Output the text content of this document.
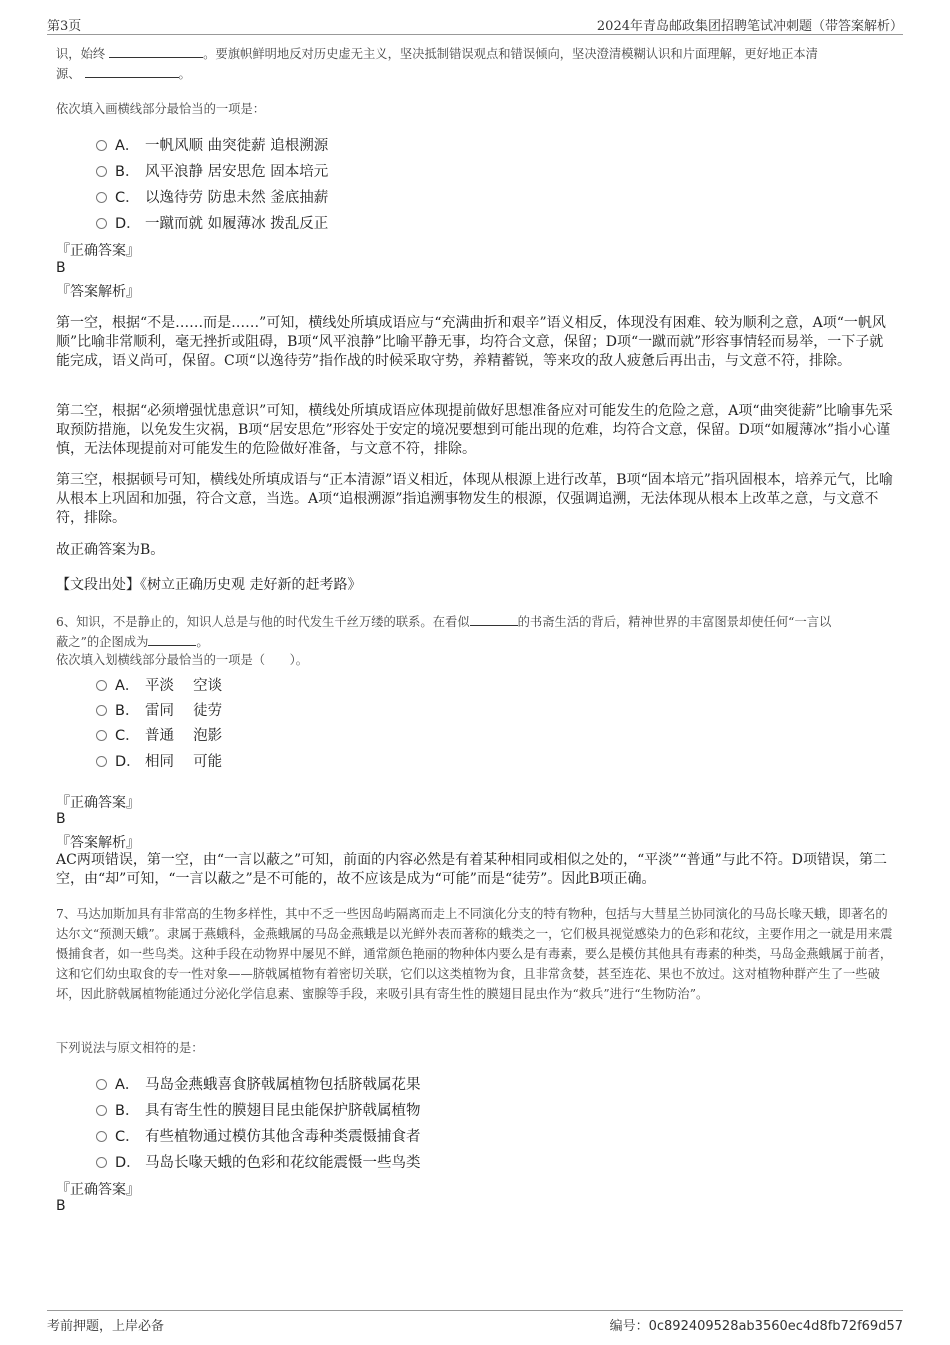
第3页	2024年青岛邮政集团招聘笔试冲刺题（带答案解析）
识，始终	。要旗帜鲜明地反对历史虚无主义，坚决抵制错误观点和错误倾向，坚决澄清模糊认识和片面理解，更好地正本清
源、	。
依次填入画横线部分最恰当的一项是：
A． 一帆风顺 曲突徙薪 追根溯源
B． 风平浪静 居安思危 固本培元
C． 以逸待劳 防患未然 釜底抽薪
D． 一蹴而就 如履薄冰 拨乱反正
『正确答案』
B
『答案解析』
第一空，根据“不是……而是……”可知，横线处所填成语应与“充满曲折和艰辛”语义相反，体现没有困难、较为顺利之意，A项“一帆风顺”比喻非常顺利，毫无挫折或阻碍，B项“风平浪静”比喻平静无事，均符合文意，保留；D项“一蹴而就”形容事情轻而易举，一下子就能完成，语义尚可，保留。C项“以逸待劳”指作战的时候采取守势，养精蓄锐，等来攻的敌人疲惫后再出击，与文意不符，排除。
第二空，根据“必须增强忧患意识”可知，横线处所填成语应体现提前做好思想准备应对可能发生的危险之意，A项“曲突徙薪”比喻事先采取预防措施，以免发生灾祸，B项“居安思危”形容处于安定的境况要想到可能出现的危难，均符合文意，保留。D项“如履薄冰”指小心谨慎，无法体现提前对可能发生的危险做好准备，与文意不符，排除。
第三空，根据顿号可知，横线处所填成语与“正本清源”语义相近，体现从根源上进行改革，B项“固本培元”指巩固根本，培养元气，比喻从根本上巩固和加强，符合文意，当选。A项“追根溯源”指追溯事物发生的根源，仅强调追溯，无法体现从根本上改革之意，与文意不符，排除。
故正确答案为B。
【文段出处】《树立正确历史观 走好新的赶考路》
6、知识，不是静止的，知识人总是与他的时代发生千丝万缕的联系。在看似	的书斋生活的背后，精神世界的丰富图景却使任何“一言以
蔽之”的企图成为	。
依次填入划横线部分最恰当的一项是（　　）。
A． 平淡　 空谈
B． 雷同　 徒劳
C． 普通　 泡影
D． 相同　 可能
『正确答案』
B
『答案解析』
AC两项错误，第一空，由“一言以蔽之”可知，前面的内容必然是有着某种相同或相似之处的，“平淡”“普通”与此不符。D项错误，第二空，由“却”可知，“一言以蔽之”是不可能的，故不应该是成为“可能”而是“徒劳”。因此B项正确。
7、马达加斯加具有非常高的生物多样性，其中不乏一些因岛屿隔离而走上不同演化分支的特有物种，包括与大彗星兰协同演化的马岛长喙天蛾，即著名的达尔文“预测天蛾”。隶属于燕蛾科，金燕蛾属的马岛金燕蛾是以光鲜外表而著称的蛾类之一，它们极具视觉感染力的色彩和花纹，主要作用之一就是用来震慑捕食者，如一些鸟类。这种手段在动物界中屡见不鲜，通常颜色艳丽的物种体内要么是有毒素，要么是模仿其他具有毒素的种类，马岛金燕蛾属于前者，这和它们幼虫取食的专一性对象——脐戟属植物有着密切关联，它们以这类植物为食，且非常贪婪，甚至连花、果也不放过。这对植物种群产生了一些破坏，因此脐戟属植物能通过分泌化学信息素、蜜腺等手段，来吸引具有寄生性的膜翅目昆虫作为“救兵”进行“生物防治”。
下列说法与原文相符的是：
A． 马岛金燕蛾喜食脐戟属植物包括脐戟属花果
B． 具有寄生性的膜翅目昆虫能保护脐戟属植物
C． 有些植物通过模仿其他含毒种类震慑捕食者
D． 马岛长喙天蛾的色彩和花纹能震慑一些鸟类
『正确答案』
B
考前押题，上岸必备	编号：0c892409528ab3560ec4d8fb72f69d57
